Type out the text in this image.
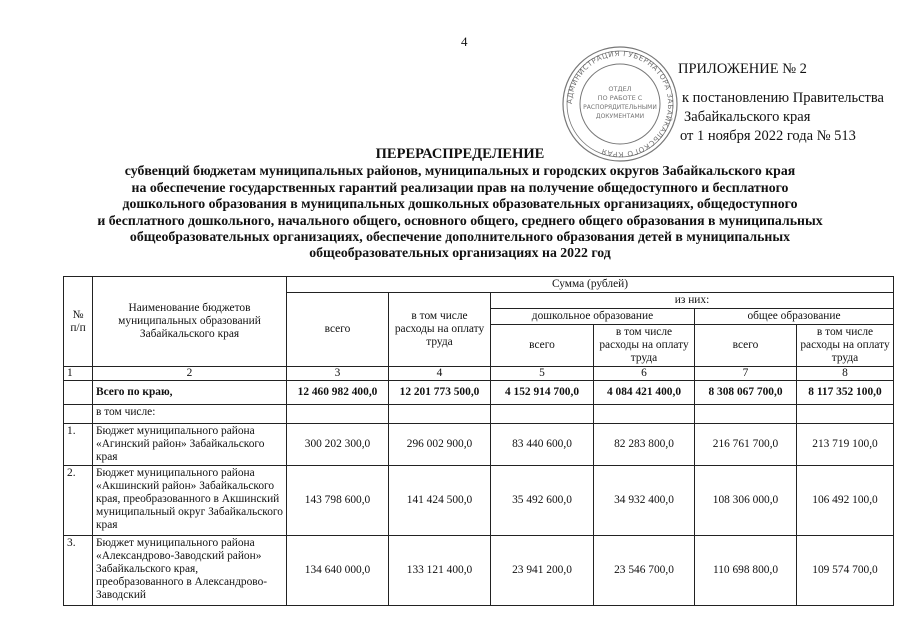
4
АДМИНИСТРАЦИЯ ГУБЕРНАТОРА ЗАБАЙКАЛЬСКОГО КРАЯ
ОТДЕЛ
ПО РАБОТЕ С
РАСПОРЯДИТЕЛЬНЫМИ
ДОКУМЕНТАМИ
ПРИЛОЖЕНИЕ № 2
к постановлению Правительства
Забайкальского края
от 1 ноября 2022 года № 513
ПЕРЕРАСПРЕДЕЛЕНИЕ
субвенций бюджетам муниципальных районов, муниципальных и городских округов Забайкальского края
на обеспечение государственных гарантий реализации прав на получение общедоступного и бесплатного
дошкольного образования в муниципальных дошкольных образовательных организациях, общедоступного
и бесплатного дошкольного, начального общего, основного общего, среднего общего образования в муниципальных
общеобразовательных организациях, обеспечение дополнительного образования детей в муниципальных
общеобразовательных организациях на 2022 год
№ п/п	Наименование бюджетов муниципальных образований Забайкальского края	Сумма (рублей)					
		всего	в том числе расходы на оплату труда	из них:			
				дошкольное образование		общее образование	
				всего	в том числе расходы на оплату труда	всего	в том числе расходы на оплату труда
1	2	3	4	5	6	7	8
	Всего по краю,	12 460 982 400,0	12 201 773 500,0	4 152 914 700,0	4 084 421 400,0	8 308 067 700,0	8 117 352 100,0
	в том числе:						
1.	Бюджет муниципального района «Агинский район» Забайкальского края	300 202 300,0	296 002 900,0	83 440 600,0	82 283 800,0	216 761 700,0	213 719 100,0
2.	Бюджет муниципального района «Акшинский район» Забайкальского края, преобразованного в Акшинский муниципальный округ Забайкальского края	143 798 600,0	141 424 500,0	35 492 600,0	34 932 400,0	108 306 000,0	106 492 100,0
3.	Бюджет муниципального района «Александрово-Заводский район» Забайкальского края, преобразованного в Александрово-Заводский	134 640 000,0	133 121 400,0	23 941 200,0	23 546 700,0	110 698 800,0	109 574 700,0
